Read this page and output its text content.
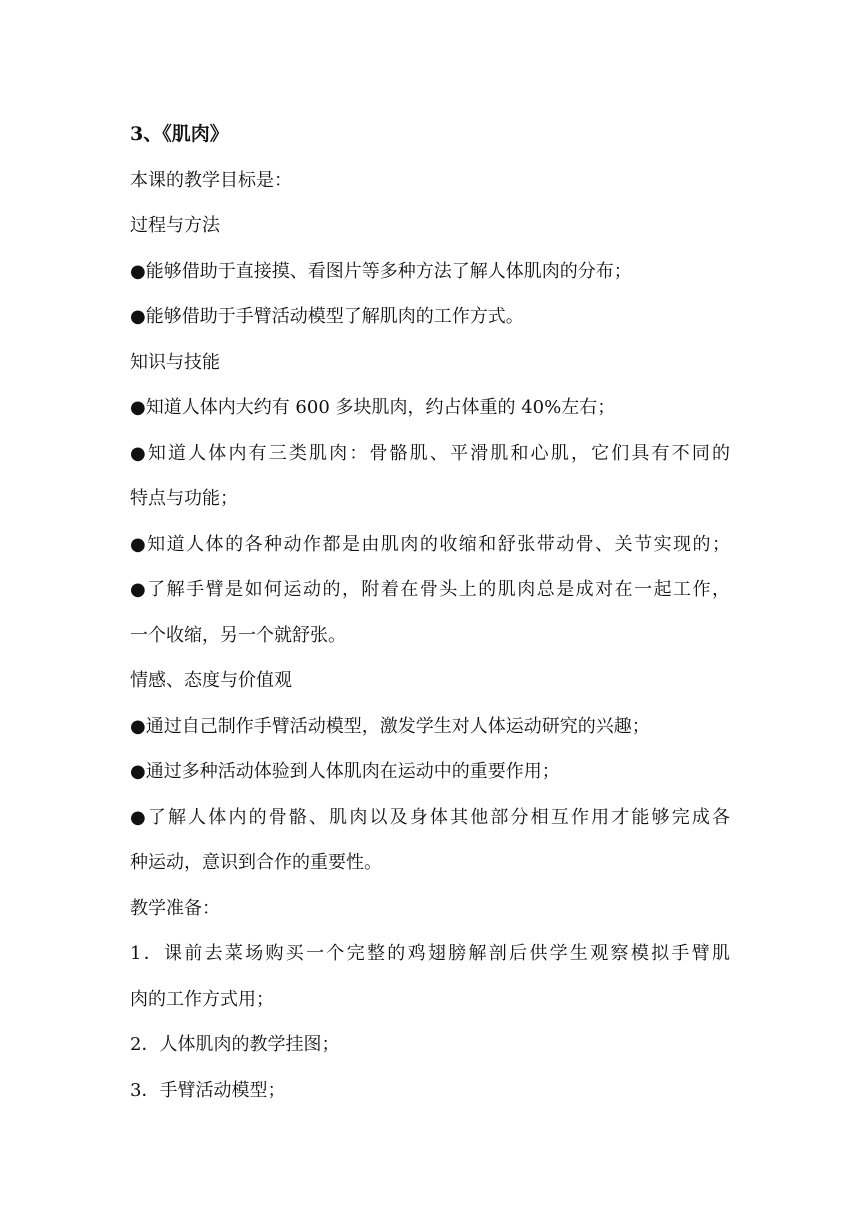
3、《肌肉》
本课的教学目标是：
过程与方法
●能够借助于直接摸、看图片等多种方法了解人体肌肉的分布；
●能够借助于手臂活动模型了解肌肉的工作方式。
知识与技能
●知道人体内大约有 600 多块肌肉，约占体重的 40%左右；
●知道人体内有三类肌肉：骨骼肌、平滑肌和心肌，它们具有不同的
特点与功能；
●知道人体的各种动作都是由肌肉的收缩和舒张带动骨、关节实现的；
●了解手臂是如何运动的，附着在骨头上的肌肉总是成对在一起工作，
一个收缩，另一个就舒张。
情感、态度与价值观
●通过自己制作手臂活动模型，激发学生对人体运动研究的兴趣；
●通过多种活动体验到人体肌肉在运动中的重要作用；
●了解人体内的骨骼、肌肉以及身体其他部分相互作用才能够完成各
种运动，意识到合作的重要性。
教学准备：
1．课前去菜场购买一个完整的鸡翅膀解剖后供学生观察模拟手臂肌
肉的工作方式用；
2．人体肌肉的教学挂图；
3．手臂活动模型；
